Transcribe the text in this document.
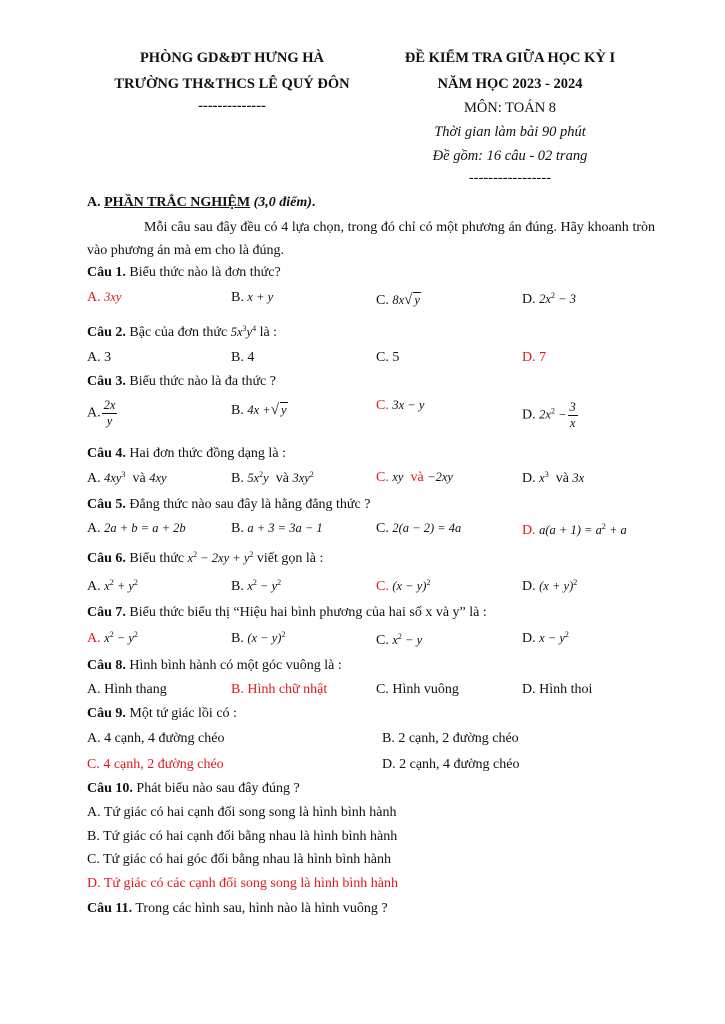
PHÒNG GD&ĐT HƯNG HÀ
TRƯỜNG TH&THCS LÊ QUÝ ĐÔN
--------------
ĐỀ KIỂM TRA GIỮA HỌC KỲ I
NĂM HỌC 2023 - 2024
MÔN: TOÁN 8
Thời gian làm bài 90 phút
Đề gồm: 16 câu - 02 trang
-----------------
A. PHẦN TRẮC NGHIỆM (3,0 điểm).
Mỗi câu sau đây đều có 4 lựa chọn, trong đó chỉ có một phương án đúng. Hãy khoanh tròn vào phương án mà em cho là đúng.
Câu 1. Biểu thức nào là đơn thức?
A. 3xy	B. x + y	C. 8x√ y	D. $2x^2 - 3$
Câu 2. Bậc của đơn thức $5x^3y^4$ là :
A. 3	B. 4	C. 5	D. 7
Câu 3. Biểu thức nào là đa thức ?
A. $\frac{2x}{y}$	B. 4x +√ y	C. 3x − y
D. $2x^2 - \frac{3}{x}$
Câu 4. Hai đơn thức đồng dạng là :
A. $4xy^3$ và 4xy	B. $5x^2y$ và $3xy^2$	C. xy và −2xy	D. $x^3$ và 3x
Câu 5. Đẳng thức nào sau đây là hằng đẳng thức ?
A. 2a + b = a + 2b	B. a + 3 = 3a − 1	C. 2(a − 2) = 4a	D. $a(a + 1) = a^2 + a$
Câu 6. Biểu thức $x^2 - 2xy + y^2$ viết gọn là :
A. $x^2 + y^2$	B. $x^2 - y^2$	C. $(x - y)^2$	D. $(x + y)^2$
Câu 7. Biểu thức biểu thị “Hiệu hai bình phương của hai số x và y” là :
A. $x^2 - y^2$	B. $(x - y)^2$	C. $x^2 - y$	D. $x - y^2$
Câu 8. Hình bình hành có một góc vuông là :
A. Hình thang	B. Hình chữ nhật	C. Hình vuông	D. Hình thoi
Câu 9. Một tứ giác lồi có :
A. 4 cạnh, 4 đường chéo	B. 2 cạnh, 2 đường chéo
C. 4 cạnh, 2 đường chéo	D. 2 cạnh, 4 đường chéo
Câu 10. Phát biểu nào sau đây đúng ?
A. Tứ giác có hai cạnh đối song song là hình bình hành
B. Tứ giác có hai cạnh đối bằng nhau là hình bình hành
C. Tứ giác có hai góc đối bằng nhau là hình bình hành
D. Tứ giác có các cạnh đối song song là hình bình hành
Câu 11. Trong các hình sau, hình nào là hình vuông ?
